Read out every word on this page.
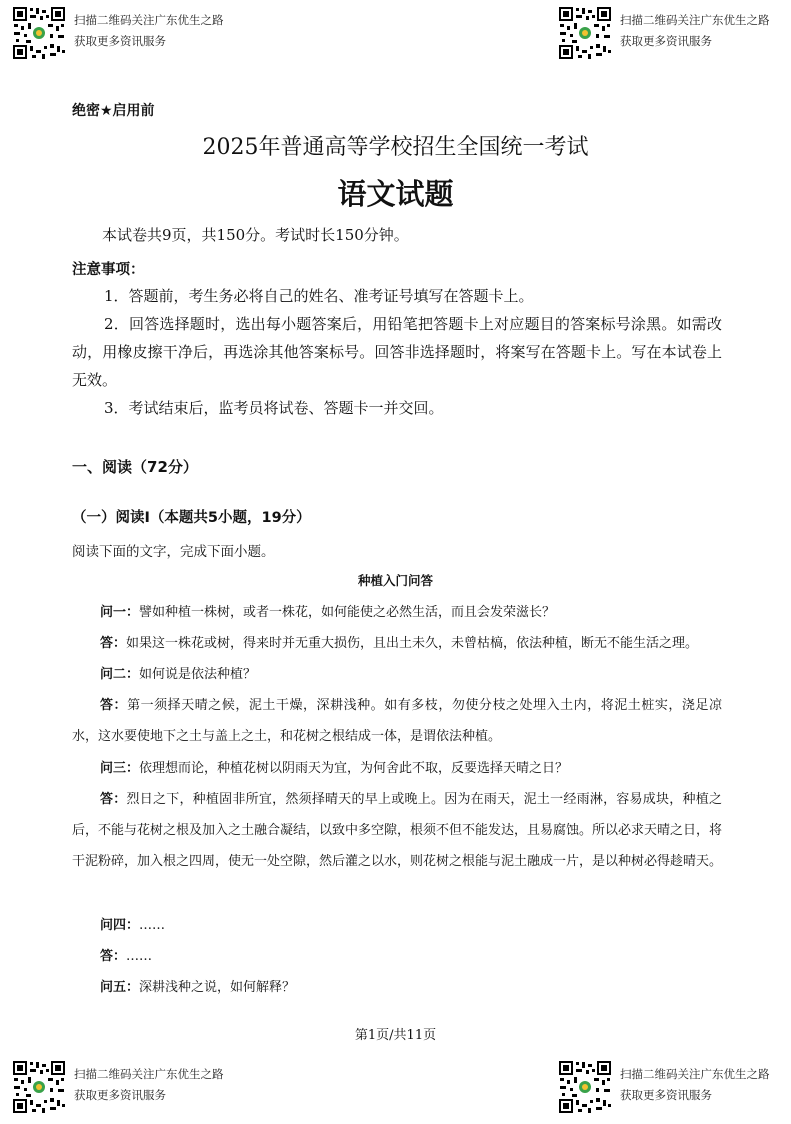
扫描二维码关注广东优生之路
获取更多资讯服务
扫描二维码关注广东优生之路
获取更多资讯服务
绝密★启用前
2025年普通高等学校招生全国统一考试
语文试题
本试卷共9页，共150分。考试时长150分钟。
注意事项：
1．答题前，考生务必将自己的姓名、准考证号填写在答题卡上。
2．回答选择题时，选出每小题答案后，用铅笔把答题卡上对应题目的答案标号涂黑。如需改动，用橡皮擦干净后，再选涂其他答案标号。回答非选择题时，将案写在答题卡上。写在本试卷上无效。
3．考试结束后，监考员将试卷、答题卡一并交回。
一、阅读（72分）
（一）阅读I（本题共5小题，19分）
阅读下面的文字，完成下面小题。
种植入门问答
问一：譬如种植一株树，或者一株花，如何能使之必然生活，而且会发荣滋长？
答：如果这一株花或树，得来时并无重大损伤，且出土未久，未曾枯槁，依法种植，断无不能生活之理。
问二：如何说是依法种植？
答：第一须择天晴之候，泥土干燥，深耕浅种。如有多枝，勿使分枝之处埋入土内，将泥土桩实，浇足凉水，这水要使地下之土与盖上之土，和花树之根结成一体，是谓依法种植。
问三：依理想而论，种植花树以阴雨天为宜，为何舍此不取，反要选择天晴之日？
答：烈日之下，种植固非所宜，然须择晴天的早上或晚上。因为在雨天，泥土一经雨淋，容易成块，种植之后，不能与花树之根及加入之土融合凝结，以致中多空隙，根须不但不能发达，且易腐蚀。所以必求天晴之日，将干泥粉碎，加入根之四周，使无一处空隙，然后灌之以水，则花树之根能与泥土融成一片，是以种树必得趁晴天。
问四：……
答：……
问五：深耕浅种之说，如何解释？
第1页/共11页
扫描二维码关注广东优生之路
获取更多资讯服务
扫描二维码关注广东优生之路
获取更多资讯服务
